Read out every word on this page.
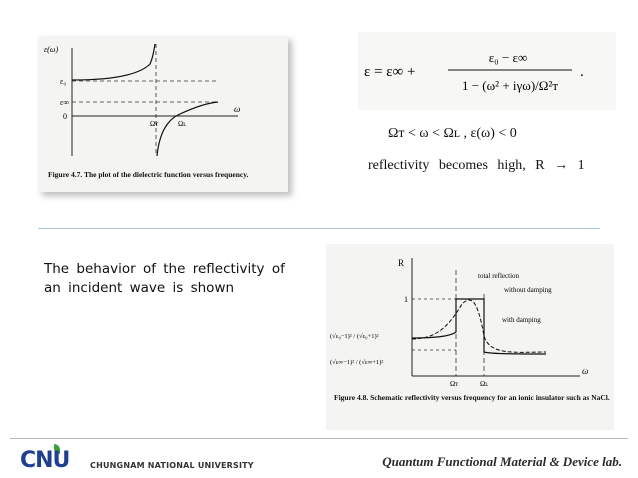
ε(ω)
ε₀
ε∞
0
Ωᴛ	Ωʟ
ω
Figure 4.7. The plot of the dielectric function versus frequency.
ε = ε∞ +
ε₀ − ε∞
1 − (ω² + iγω)/Ω²ᴛ
.
Ωᴛ < ω < Ωʟ , ε(ω) < 0
reflectivity becomes high, R → 1
The behavior of the reflectivity of an incident wave is shown
R
ω
1
(√ε₀−1)² / (√ε₀+1)²
(√ε∞−1)² / (√ε∞+1)²
Ωᴛ	Ωʟ
total reflection
without damping
with damping
Figure 4.8. Schematic reflectivity versus frequency for an ionic insulator such as NaCl.
CNU	CHUNGNAM NATIONAL UNIVERSITY	Quantum Functional Material & Device lab.
